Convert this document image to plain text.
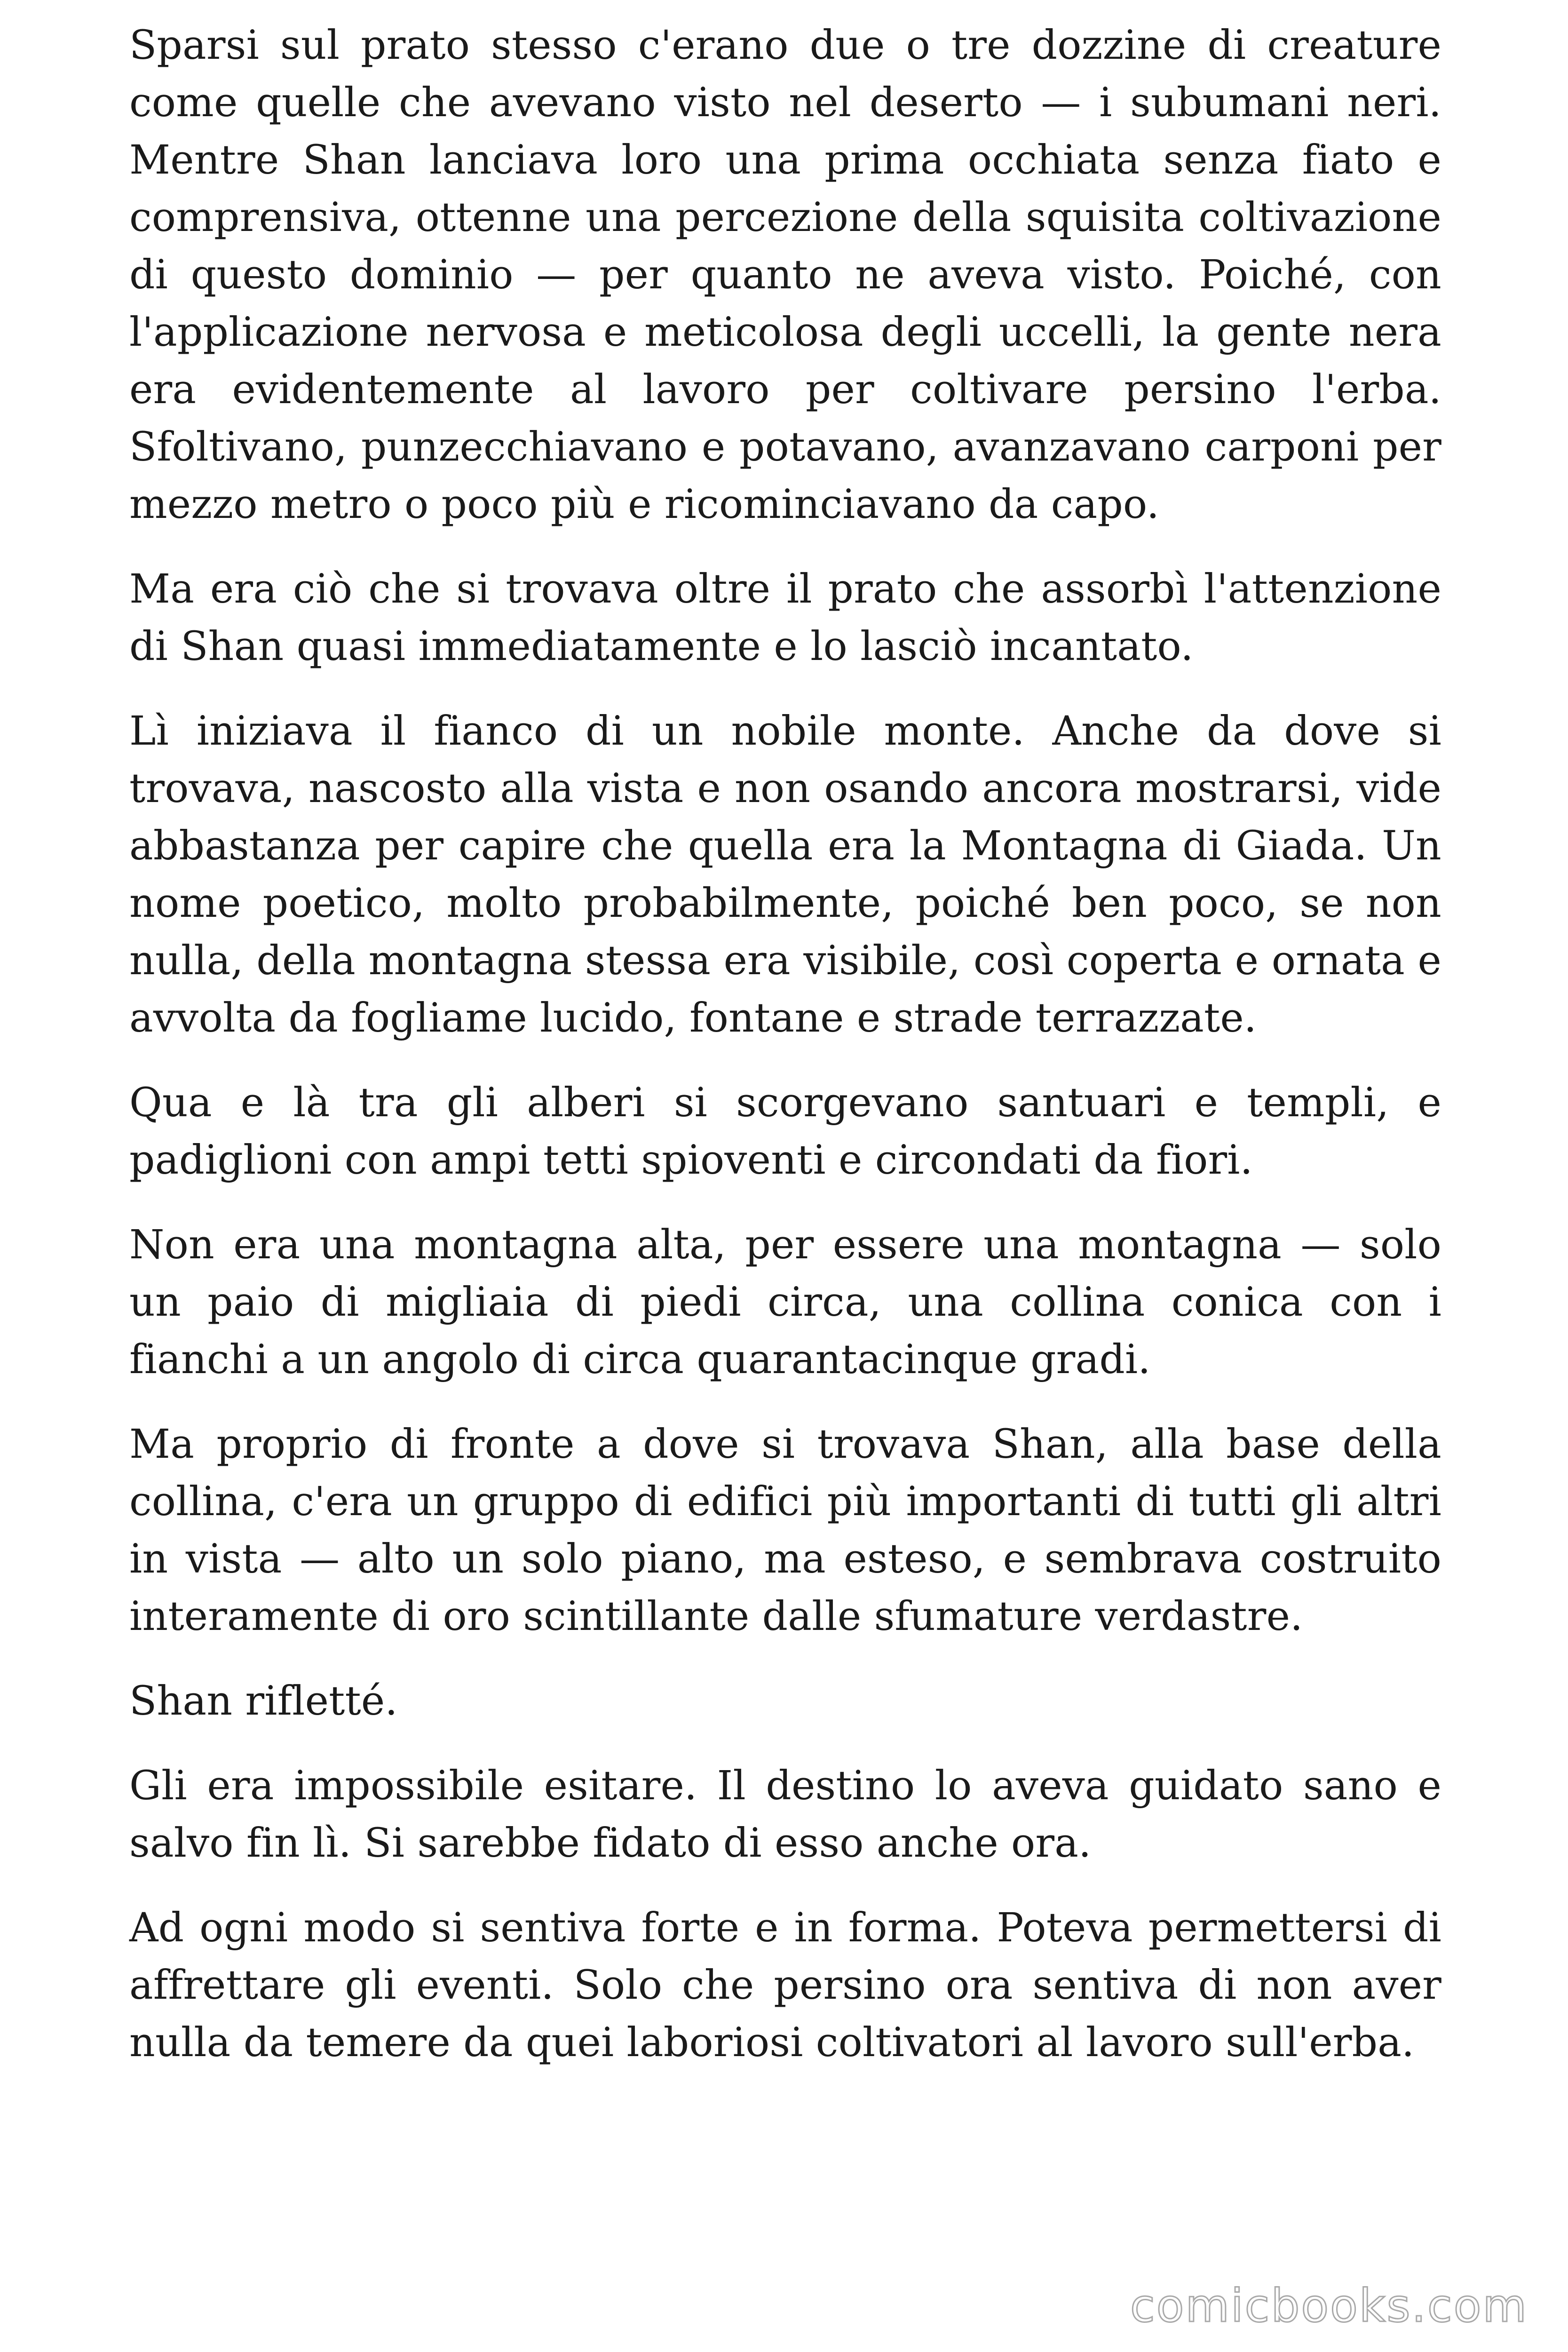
Sparsi sul prato stesso c'erano due o tre dozzine di creature come quelle che avevano visto nel deserto — i subumani neri. Mentre Shan lanciava loro una prima occhiata senza fiato e comprensiva, ottenne una percezione della squisita coltivazione di questo dominio — per quanto ne aveva visto. Poiché, con l'applicazione nervosa e meticolosa degli uccelli, la gente nera era evidentemente al lavoro per coltivare persino l'erba. Sfoltivano, punzecchiavano e potavano, avanzavano carponi per mezzo metro o poco più e ricominciavano da capo.

Ma era ciò che si trovava oltre il prato che assorbì l'attenzione di Shan quasi immediatamente e lo lasciò incantato.

Lì iniziava il fianco di un nobile monte. Anche da dove si trovava, nascosto alla vista e non osando ancora mostrarsi, vide abbastanza per capire che quella era la Montagna di Giada. Un nome poetico, molto probabilmente, poiché ben poco, se non nulla, della montagna stessa era visibile, così coperta e ornata e avvolta da fogliame lucido, fontane e strade terrazzate.

Qua e là tra gli alberi si scorgevano santuari e templi, e padiglioni con ampi tetti spioventi e circondati da fiori.

Non era una montagna alta, per essere una montagna — solo un paio di migliaia di piedi circa, una collina conica con i fianchi a un angolo di circa quarantacinque gradi.

Ma proprio di fronte a dove si trovava Shan, alla base della collina, c'era un gruppo di edifici più importanti di tutti gli altri in vista — alto un solo piano, ma esteso, e sembrava costruito interamente di oro scintillante dalle sfumature verdastre.

Shan rifletté.

Gli era impossibile esitare. Il destino lo aveva guidato sano e salvo fin lì. Si sarebbe fidato di esso anche ora.

Ad ogni modo si sentiva forte e in forma. Poteva permettersi di affrettare gli eventi. Solo che persino ora sentiva di non aver nulla da temere da quei laboriosi coltivatori al lavoro sull'erba.

comicbooks.com
